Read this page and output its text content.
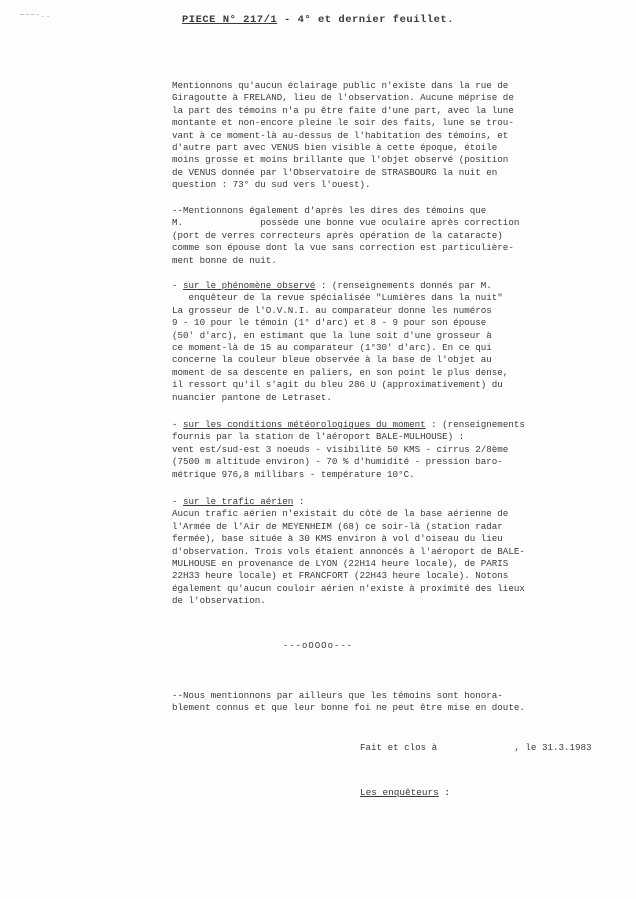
~~~-..	PIECE N° 217/1 - 4° et dernier feuillet.

Mentionnons qu'aucun éclairage public n'existe dans la rue de
Giragoutte à FRELAND, lieu de l'observation. Aucune méprise de
la part des témoins n'a pu être faite d'une part, avec la lune
montante et non-encore pleine le soir des faits, lune se trou-
vant à ce moment-là au-dessus de l'habitation des témoins, et
d'autre part avec VENUS bien visible à cette époque, étoile
moins grosse et moins brillante que l'objet observé (position
de VENUS donnée par l'Observatoire de STRASBOURG la nuit en
question : 73° du sud vers l'ouest).

--Mentionnons également d'après les dires des témoins que
M.              possède une bonne vue oculaire après correction
(port de verres correcteurs après opération de la cataracte)
comme son épouse dont la vue sans correction est particulière-
ment bonne de nuit.

- sur le phénomène observé : (renseignements donnés par M.
enquêteur de la revue spécialisée "Lumières dans la nuit"
La grosseur de l'O.V.N.I. au comparateur donne les numéros
9 - 10 pour le témoin (1° d'arc) et 8 - 9 pour son épouse
(50' d'arc), en estimant que la lune soit d'une grosseur à
ce moment-là de 15 au comparateur (1°30' d'arc). En ce qui
concerne la couleur bleue observée à la base de l'objet au
moment de sa descente en paliers, en son point le plus dense,
il ressort qu'il s'agit du bleu 286 U (approximativement) du
nuancier pantone de Letraset.

- sur les conditions météorologiques du moment : (renseignements
fournis par la station de l'aéroport BALE-MULHOUSE) :
vent est/sud-est 3 noeuds - visibilité 50 KMS - cirrus 2/8ème
(7500 m altitude environ) - 70 % d'humidité - pression baro-
métrique 976,8 millibars - température 10°C.

- sur le trafic aérien :
Aucun trafic aérien n'existait du côté de la base aérienne de
l'Armée de l'Air de MEYENHEIM (68) ce soir-là (station radar
fermée), base située à 30 KMS environ à vol d'oiseau du lieu
d'observation. Trois vols étaient annoncés à l'aéroport de BALE-
MULHOUSE en provenance de LYON (22H14 heure locale), de PARIS
22H33 heure locale) et FRANCFORT (22H43 heure locale). Notons
également qu'aucun couloir aérien n'existe à proximité des lieux
de l'observation.

---oOOOo---

--Nous mentionnons par ailleurs que les témoins sont honora-
blement connus et que leur bonne foi ne peut être mise en doute.

Fait et clos à              , le 31.3.1983

Les enquêteurs :
